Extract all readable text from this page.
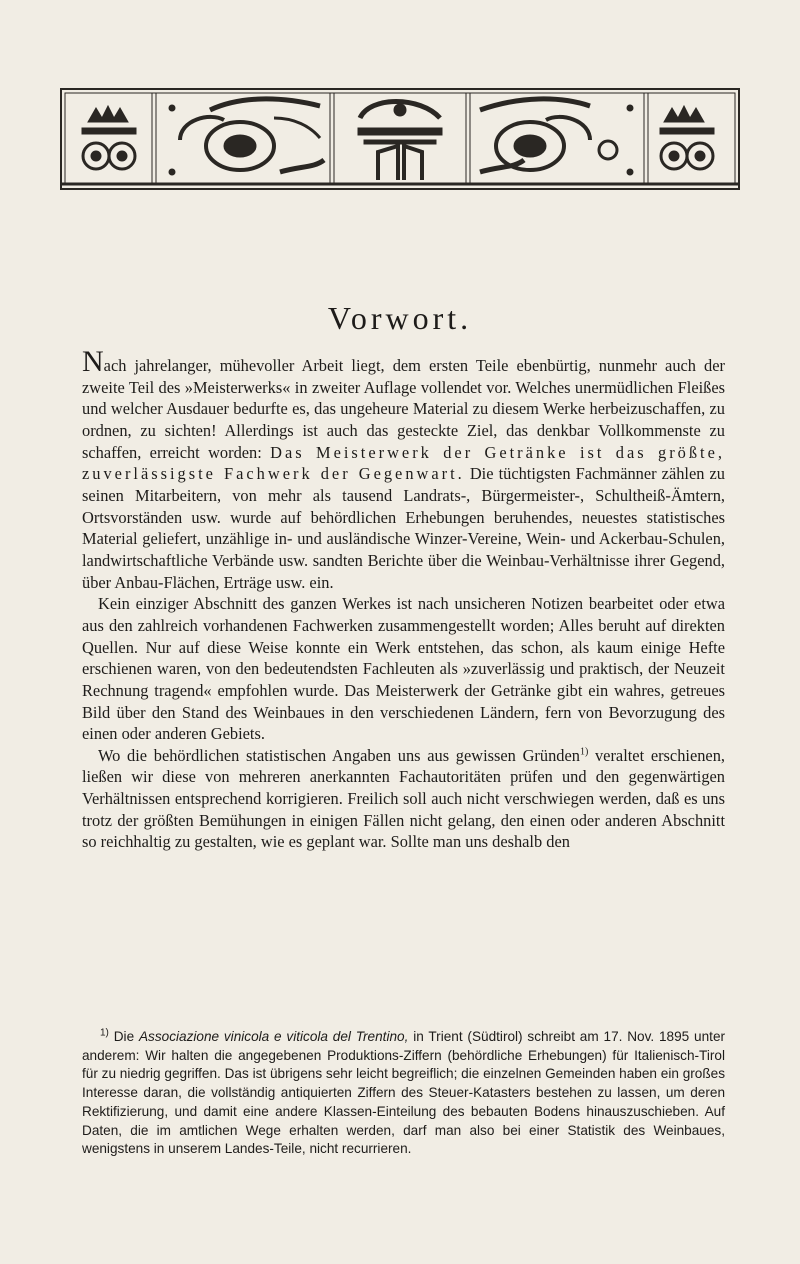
Vorwort.

Nach jahrelanger, mühevoller Arbeit liegt, dem ersten Teile ebenbürtig, nunmehr auch der zweite Teil des »Meisterwerks« in zweiter Auflage vollendet vor. Welches unermüdlichen Fleißes und welcher Ausdauer bedurfte es, das ungeheure Material zu diesem Werke herbeizuschaffen, zu ordnen, zu sichten! Allerdings ist auch das gesteckte Ziel, das denkbar Vollkommenste zu schaffen, erreicht worden: Das Meisterwerk der Getränke ist das größte, zuverlässigste Fachwerk der Gegenwart. Die tüchtigsten Fachmänner zählen zu seinen Mitarbeitern, von mehr als tausend Landrats-, Bürgermeister-, Schultheiß-Ämtern, Ortsvorständen usw. wurde auf behördlichen Erhebungen beruhendes, neuestes statistisches Material geliefert, unzählige in- und ausländische Winzer-Vereine, Wein- und Ackerbau-Schulen, landwirtschaftliche Verbände usw. sandten Berichte über die Weinbau-Verhältnisse ihrer Gegend, über Anbau-Flächen, Erträge usw. ein.

Kein einziger Abschnitt des ganzen Werkes ist nach unsicheren Notizen bearbeitet oder etwa aus den zahlreich vorhandenen Fachwerken zusammengestellt worden; Alles beruht auf direkten Quellen. Nur auf diese Weise konnte ein Werk entstehen, das schon, als kaum einige Hefte erschienen waren, von den bedeutendsten Fachleuten als »zuverlässig und praktisch, der Neuzeit Rechnung tragend« empfohlen wurde. Das Meisterwerk der Getränke gibt ein wahres, getreues Bild über den Stand des Weinbaues in den verschiedenen Ländern, fern von Bevorzugung des einen oder anderen Gebiets.

Wo die behördlichen statistischen Angaben uns aus gewissen Gründen$^{1)}$ veraltet erschienen, ließen wir diese von mehreren anerkannten Fachautoritäten prüfen und den gegenwärtigen Verhältnissen entsprechend korrigieren. Freilich soll auch nicht verschwiegen werden, daß es uns trotz der größten Bemühungen in einigen Fällen nicht gelang, den einen oder anderen Abschnitt so reichhaltig zu gestalten, wie es geplant war. Sollte man uns deshalb den

$^{1)}$ Die Associazione vinicola e viticola del Trentino, in Trient (Südtirol) schreibt am 17. Nov. 1895 unter anderem: Wir halten die angegebenen Produktions-Ziffern (behördliche Erhebungen) für Italienisch-Tirol für zu niedrig gegriffen. Das ist übrigens sehr leicht begreiflich; die einzelnen Gemeinden haben ein großes Interesse daran, die vollständig antiquierten Ziffern des Steuer-Katasters bestehen zu lassen, um deren Rektifizierung, und damit eine andere Klassen-Einteilung des bebauten Bodens hinauszuschieben. Auf Daten, die im amtlichen Wege erhalten werden, darf man also bei einer Statistik des Weinbaues, wenigstens in unserem Landes-Teile, nicht recurrieren.
